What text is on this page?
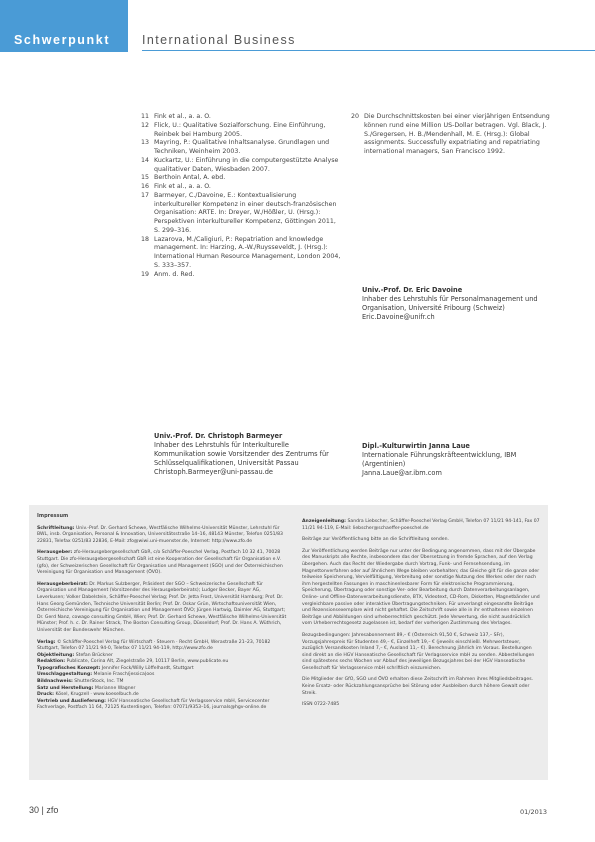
Schwerpunkt	International Business
11 Fink et al., a. a. O.
12 Flick, U.: Qualitative Sozialforschung. Eine Einführung, Reinbek bei Hamburg 2005.
13 Mayring, P.: Qualitative Inhaltsanalyse. Grundlagen und Techniken, Weinheim 2003.
14 Kuckartz, U.: Einführung in die computergestützte Analyse qualitativer Daten, Wiesbaden 2007.
15 Berthoin Antal, A. ebd.
16 Fink et al., a. a. O.
17 Barmeyer, C./Davoine, E.: Kontextualisierung interkultureller Kompetenz in einer deutsch-französischen Organisation: ARTE. In: Dreyer, W./Hößler, U. (Hrsg.): Perspektiven interkultureller Kompetenz, Göttingen 2011, S. 299–316.
18 Lazarova, M./Caligiuri, P.: Repatriation and knowledge management. In: Harzing, A.-W./Ruysseveldt, J. (Hrsg.): International Human Resource Management, London 2004, S. 333–357.
19 Anm. d. Red.
20 Die Durchschnittskosten bei einer vierjährigen Entsendung können rund eine Million US-Dollar betragen. Vgl. Black, J. S./Gregersen, H. B./Mendenhall, M. E. (Hrsg.): Global assignments. Successfully expatriating and repatriating international managers, San Francisco 1992.
Univ.-Prof. Dr. Eric Davoine
Inhaber des Lehrstuhls für Personalmanagement und Organisation, Université Fribourg (Schweiz)
Eric.Davoine@unifr.ch
Univ.-Prof. Dr. Christoph Barmeyer
Inhaber des Lehrstuhls für Interkulturelle Kommunikation sowie Vorsitzender des Zentrums für Schlüsselqualifikationen, Universität Passau
Christoph.Barmeyer@uni-passau.de
Dipl.-Kulturwirtin Janna Laue
Internationale Führungskräfteentwicklung, IBM (Argentinien)
Janna.Laue@ar.ibm.com
Impressum

Schriftleitung: Univ.-Prof. Dr. Gerhard Schewe, Westfälische Wilhelms-Universität Münster, Lehrstuhl für BWL, insb. Organisation, Personal & Innovation, Universitätsstraße 14–16, 48143 Münster, Telefon 0251/83 22831, Telefax 0251/83 22836, E-Mail: zfo@wiwi.uni-muenster.de, Internet: http://www.zfo.de

Herausgeber: zfo-Herausgebergesellschaft GbR, c/o Schäffer-Poeschel Verlag, Postfach 10 32 41, 70028 Stuttgart. Die zfo-Herausgebergesellschaft GbR ist eine Kooperation der Gesellschaft für Organisation e.V. (gfo), der Schweizerischen Gesellschaft für Organisation und Management (SGO) und der Österreichischen Vereinigung für Organisation und Management (ÖVO).

Herausgeberbeirat: Dr. Markus Sulzberger, Präsident der SGO – Schweizerische Gesellschaft für Organisation und Management (Vorsitzender des Herausgeberbeirats); Ludger Becker, Bayer AG, Leverkusen; Volker Dabelstein, Schäffer-Poeschel Verlag; Prof. Dr. Jetta Frost, Universität Hamburg; Prof. Dr. Hans Georg Gemünden, Technische Universität Berlin; Prof. Dr. Oskar Grün, Wirtschaftsuniversität Wien, Österreichische Vereinigung für Organisation und Management ÖVO; Jürgen Hartwig, Daimler AG, Stuttgart; Dr. Gerd Nanz, cowago consulting GmbH, Wien; Prof. Dr. Gerhard Schewe, Westfälische Wilhelms-Universität Münster; Prof. h. c. Dr. Rainer Strack, The Boston Consulting Group, Düsseldorf; Prof. Dr. Hans A. Wüthrich, Universität der Bundeswehr München.

Verlag: © Schäffer-Poeschel Verlag für Wirtschaft · Steuern · Recht GmbH, Werastraße 21–23, 70182 Stuttgart, Telefon 07 11/21 94-0, Telefax 07 11/21 94-119, http://www.zfo.de

Objektleitung: Stefan Brückner
Redaktion: Publicate, Corina Alt, Ziegelstraße 29, 10117 Berlin, www.publicate.eu
Typografisches Konzept: Jennifer Fock/Willy Löffelhardt, Stuttgart
Umschlaggestaltung: Melanie Frasch/jessica|oos
Bildnachweis: ShutterStock, Inc. TM
Satz und Herstellung: Marianne Wagner
Druck: Kösel, Krugzell · www.koeselbuch.de
Vertrieb und Auslieferung: HGV Hanseatische Gesellschaft für Verlagsservice mbH, Servicecenter Fachverlage, Postfach 11 64, 72125 Kusterdingen, Telefon: 07071/9353–16, journals@hgv-online.de

Anzeigenleitung: Sandra Liebscher, Schäffer-Poeschel Verlag GmbH, Telefon 07 11/21 94-141, Fax 07 11/21 94-119, E-Mail: liebscher@schaeffer-poeschel.de

Beiträge zur Veröffentlichung bitte an die Schriftleitung senden.

Zur Veröffentlichung werden Beiträge nur unter der Bedingung angenommen, dass mit der Übergabe des Manuskripts alle Rechte, insbesondere das der Übersetzung in fremde Sprachen, auf den Verlag übergehen. Auch das Recht der Wiedergabe durch Vortrag, Funk- und Fernsehsendung, im Magnettonverfahren oder auf ähnlichem Wege bleiben vorbehalten; das Gleiche gilt für die ganze oder teilweise Speicherung, Vervielfältigung, Verbreitung oder sonstige Nutzung des Werkes oder der nach ihm hergestellten Fassungen in maschinenlesbarer Form für elektronische Programmierung, Speicherung, Übertragung oder sonstige Ver- oder Bearbeitung durch Datenverarbeitungsanlagen, Online- und Offline-Datenverarbeitungsdienste, BTX, Videotext, CD-Rom, Disketten, Magnetbänder und vergleichbare passive oder interaktive Übertragungstechniken. Für unverlangt eingesandte Beiträge und Rezensionsexemplare wird nicht gehaftet. Die Zeitschrift sowie alle in ihr enthaltenen einzelnen Beiträge und Abbildungen sind urheberrechtlich geschützt. Jede Verwertung, die nicht ausdrücklich vom Urheberrechtsgesetz zugelassen ist, bedarf der vorherigen Zustimmung des Verlages.

Bezugsbedingungen: Jahresabonnement 89,– € (Österreich 91,50 €, Schweiz 137,– SFr), Vorzugsjahrespreis für Studenten 49,– €, Einzelheft 19,– € (jeweils einschließl. Mehrwertsteuer, zuzüglich Versandkosten Inland 7,– €, Ausland 11,– €). Berechnung jährlich im Voraus. Bestellungen sind direkt an die HGV Hanseatische Gesellschaft für Verlagsservice mbH zu senden. Abbestellungen sind spätestens sechs Wochen vor Ablauf des jeweiligen Bezugsjahres bei der HGV Hanseatische Gesellschaft für Verlagsservice mbH schriftlich einzureichen.

Die Mitglieder der GfO, SGO und ÖVO erhalten diese Zeitschrift im Rahmen ihres Mitgliedsbeitrages. Keine Ersatz- oder Rückzahlungsansprüche bei Störung oder Ausbleiben durch höhere Gewalt oder Streik.

ISSN 0722-7485

30 | zfo	01/2013
